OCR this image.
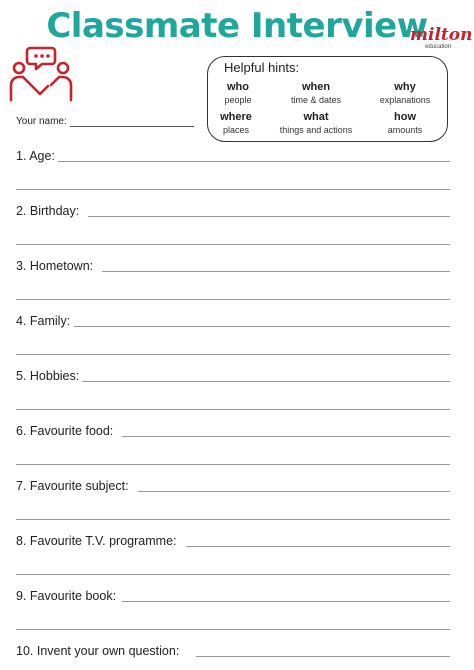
Classmate Interview
milton
education
Your name:
Helpful hints:
who
people
when
time & dates
why
explanations
where
places
what
things and actions
how
amounts
1. Age:
2. Birthday:
3. Hometown:
4. Family:
5. Hobbies:
6. Favourite food:
7. Favourite subject:
8. Favourite T.V. programme:
9. Favourite book:
10. Invent your own question:
